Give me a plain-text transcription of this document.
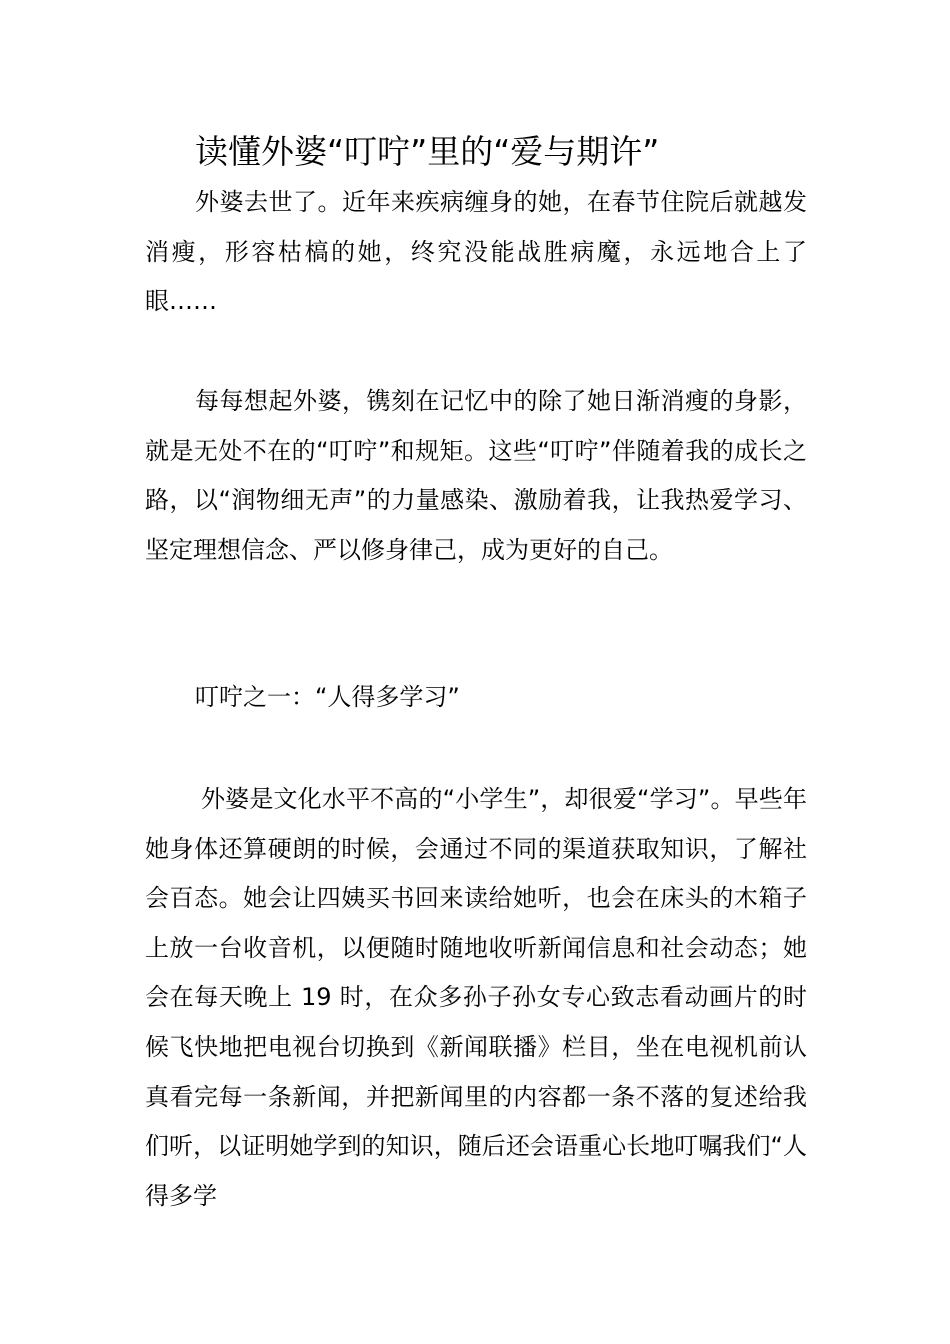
读懂外婆“叮咛”里的“爱与期许”

外婆去世了。近年来疾病缠身的她，在春节住院后就越发消瘦，形容枯槁的她，终究没能战胜病魔，永远地合上了眼……

每每想起外婆，镌刻在记忆中的除了她日渐消瘦的身影，就是无处不在的“叮咛”和规矩。这些“叮咛”伴随着我的成长之路，以“润物细无声”的力量感染、激励着我，让我热爱学习、坚定理想信念、严以修身律己，成为更好的自己。

叮咛之一：“人得多学习”

外婆是文化水平不高的“小学生”，却很爱“学习”。早些年她身体还算硬朗的时候，会通过不同的渠道获取知识，了解社会百态。她会让四姨买书回来读给她听，也会在床头的木箱子上放一台收音机，以便随时随地收听新闻信息和社会动态；她会在每天晚上 19 时，在众多孙子孙女专心致志看动画片的时候飞快地把电视台切换到《新闻联播》栏目，坐在电视机前认真看完每一条新闻，并把新闻里的内容都一条不落的复述给我们听，以证明她学到的知识，随后还会语重心长地叮嘱我们“人得多学
